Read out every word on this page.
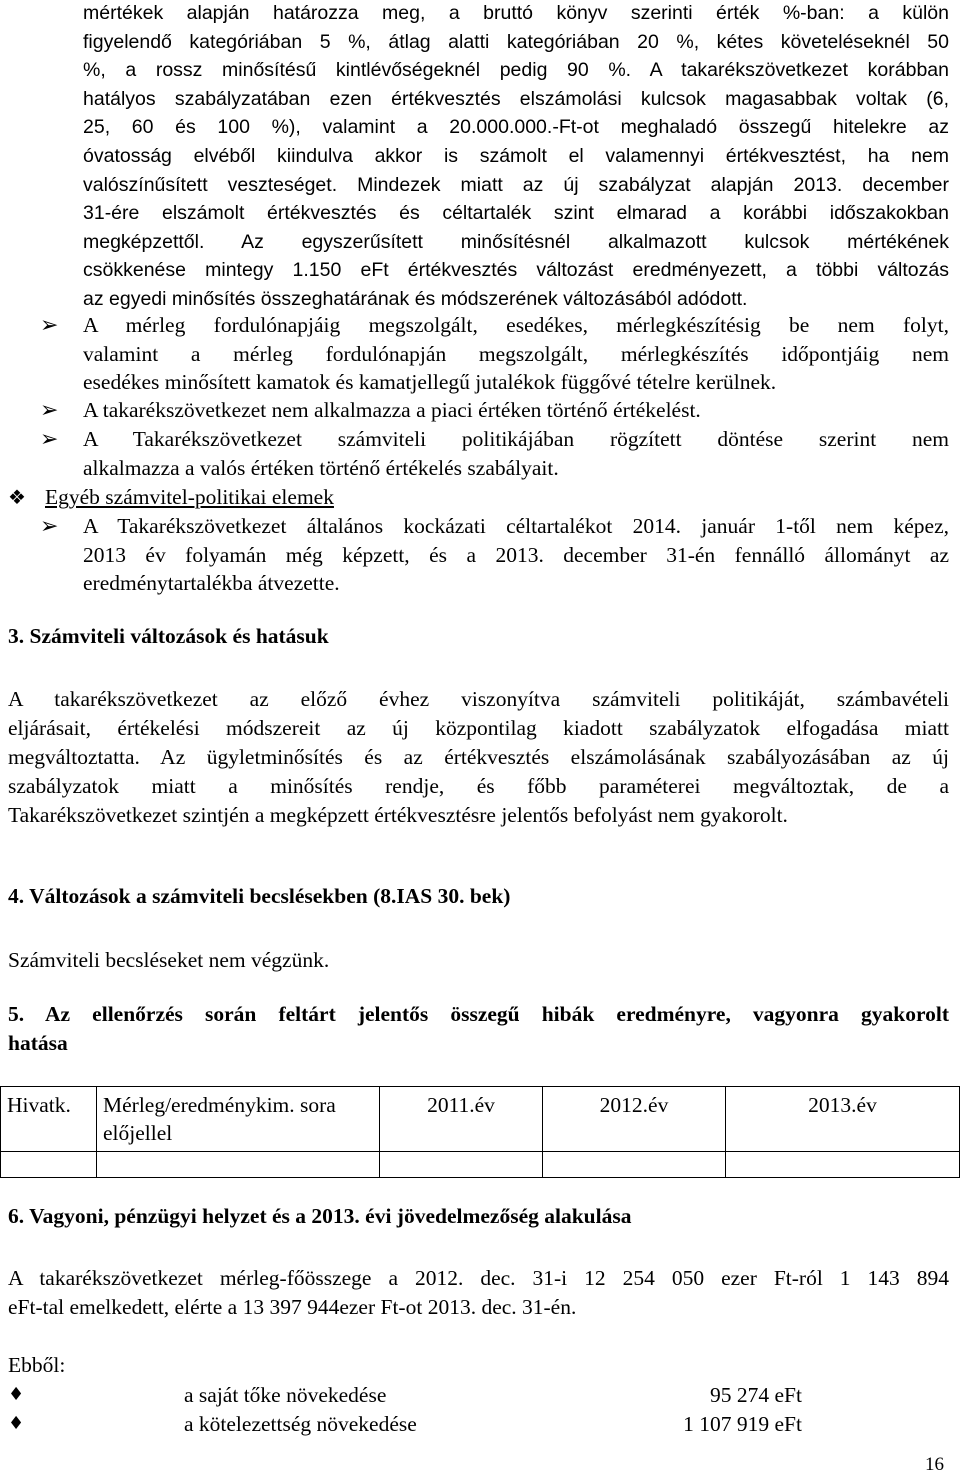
mértékek alapján határozza meg, a bruttó könyv szerinti érték %-ban: a külön
figyelendő kategóriában 5 %, átlag alatti kategóriában 20 %, kétes követeléseknél 50
%, a rossz minősítésű kintlévőségeknél pedig 90 %. A takarékszövetkezet korábban
hatályos szabályzatában ezen értékvesztés elszámolási kulcsok magasabbak voltak (6,
25, 60 és 100 %), valamint a 20.000.000.-Ft-ot meghaladó összegű hitelekre az
óvatosság elvéből kiindulva akkor is számolt el valamennyi értékvesztést, ha nem
valószínűsített veszteséget. Mindezek miatt az új szabályzat alapján 2013. december
31-ére elszámolt értékvesztés és céltartalék szint elmarad a korábbi időszakokban
megképzettől. Az egyszerűsített minősítésnél alkalmazott kulcsok mértékének
csökkenése mintegy 1.150 eFt értékvesztés változást eredményezett, a többi változás
az egyedi minősítés összeghatárának és módszerének változásából adódott.
➢ A mérleg fordulónapjáig megszolgált, esedékes, mérlegkészítésig be nem folyt,
valamint a mérleg fordulónapján megszolgált, mérlegkészítés időpontjáig nem
esedékes minősített kamatok és kamatjellegű jutalékok függővé tételre kerülnek.
➢ A takarékszövetkezet nem alkalmazza a piaci értéken történő értékelést.
➢ A Takarékszövetkezet számviteli politikájában rögzített döntése szerint nem
alkalmazza a valós értéken történő értékelés szabályait.
❖ Egyéb számvitel-politikai elemek
➢ A Takarékszövetkezet általános kockázati céltartalékot 2014. január 1-től nem képez,
2013 év folyamán még képzett, és a 2013. december 31-én fennálló állományt az
eredménytartalékba átvezette.
3. Számviteli változások és hatásuk
A takarékszövetkezet az előző évhez viszonyítva számviteli politikáját, számbavételi
eljárásait, értékelési módszereit az új központilag kiadott szabályzatok elfogadása miatt
megváltoztatta. Az ügyletminősítés és az értékvesztés elszámolásának szabályozásában az új
szabályzatok miatt a minősítés rendje, és főbb paraméterei megváltoztak, de a
Takarékszövetkezet szintjén a megképzett értékvesztésre jelentős befolyást nem gyakorolt.
4. Változások a számviteli becslésekben (8.IAS 30. bek)
Számviteli becsléseket nem végzünk.
5. Az ellenőrzés során feltárt jelentős összegű hibák eredményre, vagyonra gyakorolt
hatása
Hivatk.	Mérleg/eredménykim. sora előjellel	2011.év	2012.év	2013.év

6. Vagyoni, pénzügyi helyzet és a 2013. évi jövedelmezőség alakulása
A takarékszövetkezet mérleg-főösszege a 2012. dec. 31-i 12 254 050 ezer Ft-ról 1 143 894
eFt-tal emelkedett, elérte a 13 397 944ezer Ft-ot 2013. dec. 31-én.
Ebből:
♦	a saját tőke növekedése	95 274 eFt
♦	a kötelezettség növekedése	1 107 919 eFt
16
